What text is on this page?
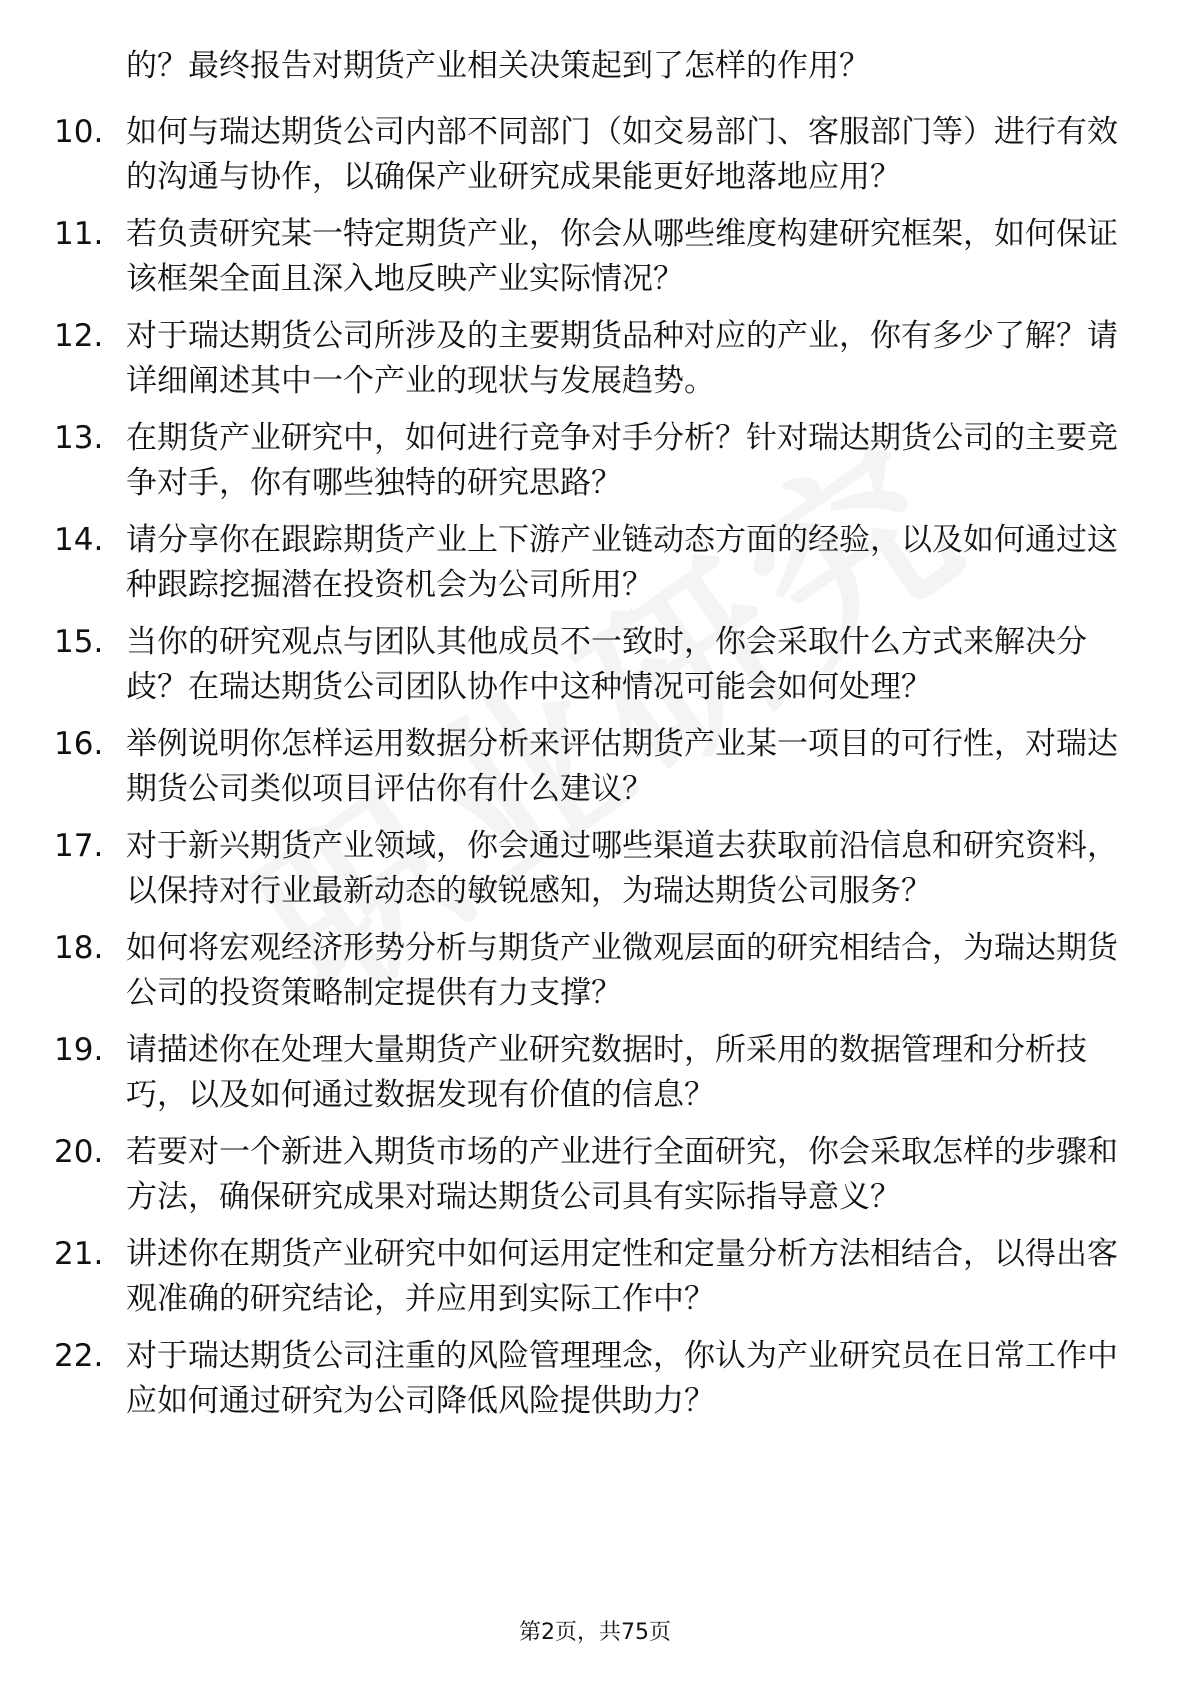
的？最终报告对期货产业相关决策起到了怎样的作用？
10. 如何与瑞达期货公司内部不同部门（如交易部门、客服部门等）进行有效的沟通与协作，以确保产业研究成果能更好地落地应用？
11. 若负责研究某一特定期货产业，你会从哪些维度构建研究框架，如何保证该框架全面且深入地反映产业实际情况？
12. 对于瑞达期货公司所涉及的主要期货品种对应的产业，你有多少了解？请详细阐述其中一个产业的现状与发展趋势。
13. 在期货产业研究中，如何进行竞争对手分析？针对瑞达期货公司的主要竞争对手，你有哪些独特的研究思路？
14. 请分享你在跟踪期货产业上下游产业链动态方面的经验，以及如何通过这种跟踪挖掘潜在投资机会为公司所用？
15. 当你的研究观点与团队其他成员不一致时，你会采取什么方式来解决分歧？在瑞达期货公司团队协作中这种情况可能会如何处理？
16. 举例说明你怎样运用数据分析来评估期货产业某一项目的可行性，对瑞达期货公司类似项目评估你有什么建议？
17. 对于新兴期货产业领域，你会通过哪些渠道去获取前沿信息和研究资料，以保持对行业最新动态的敏锐感知，为瑞达期货公司服务？
18. 如何将宏观经济形势分析与期货产业微观层面的研究相结合，为瑞达期货公司的投资策略制定提供有力支撑？
19. 请描述你在处理大量期货产业研究数据时，所采用的数据管理和分析技巧，以及如何通过数据发现有价值的信息？
20. 若要对一个新进入期货市场的产业进行全面研究，你会采取怎样的步骤和方法，确保研究成果对瑞达期货公司具有实际指导意义？
21. 讲述你在期货产业研究中如何运用定性和定量分析方法相结合，以得出客观准确的研究结论，并应用到实际工作中？
22. 对于瑞达期货公司注重的风险管理理念，你认为产业研究员在日常工作中应如何通过研究为公司降低风险提供助力？
第2页，共75页
